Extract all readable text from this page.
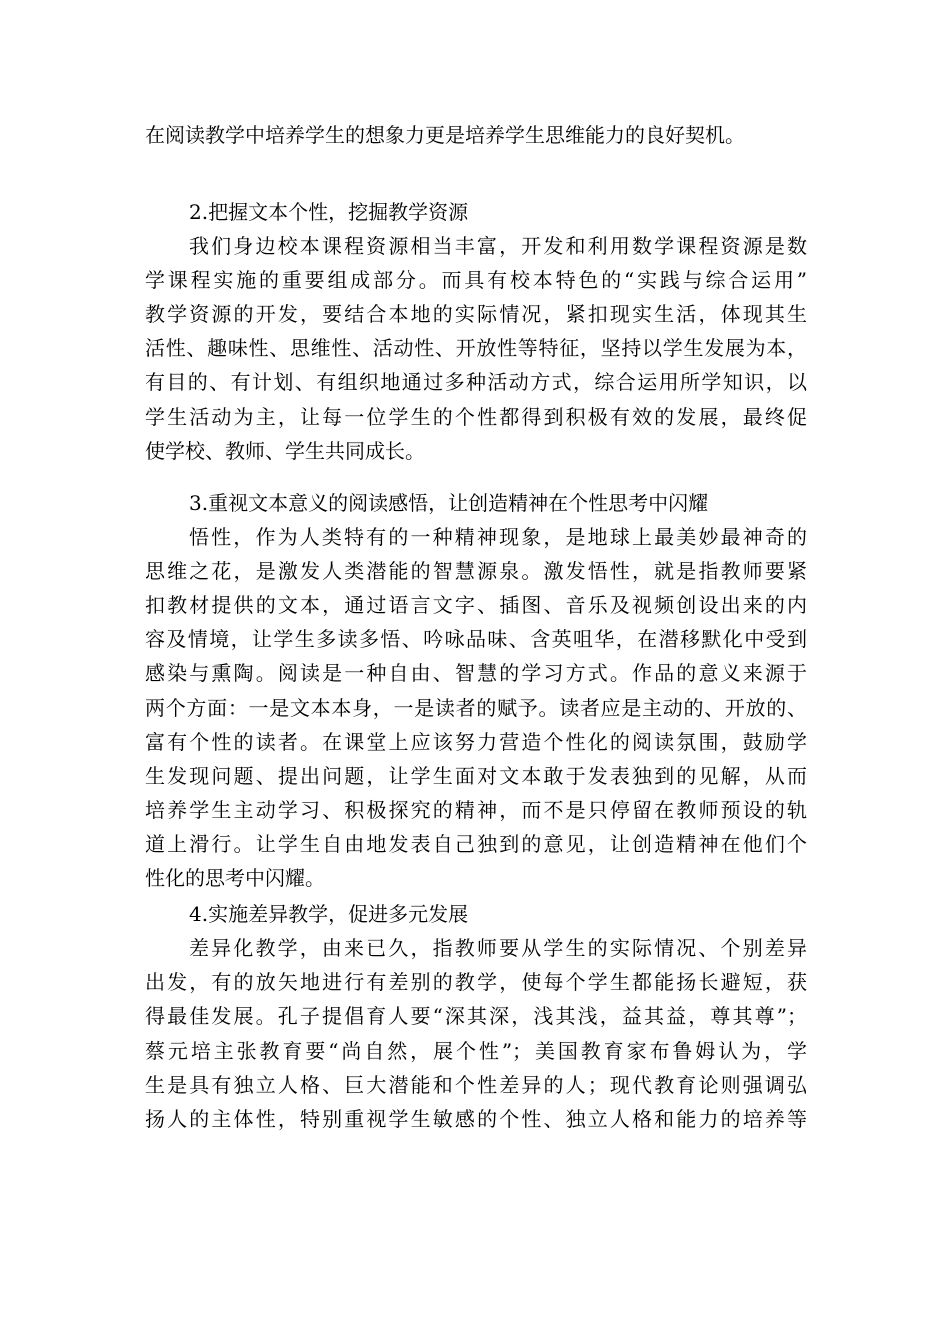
在阅读教学中培养学生的想象力更是培养学生思维能力的良好契机。
2.把握文本个性，挖掘教学资源
我们身边校本课程资源相当丰富，开发和利用数学课程资源是数
学课程实施的重要组成部分。而具有校本特色的“实践与综合运用”
教学资源的开发，要结合本地的实际情况，紧扣现实生活，体现其生
活性、趣味性、思维性、活动性、开放性等特征，坚持以学生发展为本，
有目的、有计划、有组织地通过多种活动方式，综合运用所学知识，以
学生活动为主，让每一位学生的个性都得到积极有效的发展，最终促
使学校、教师、学生共同成长。
3.重视文本意义的阅读感悟，让创造精神在个性思考中闪耀
悟性，作为人类特有的一种精神现象，是地球上最美妙最神奇的
思维之花，是激发人类潜能的智慧源泉。激发悟性，就是指教师要紧
扣教材提供的文本，通过语言文字、插图、音乐及视频创设出来的内
容及情境，让学生多读多悟、吟咏品味、含英咀华，在潜移默化中受到
感染与熏陶。阅读是一种自由、智慧的学习方式。作品的意义来源于
两个方面：一是文本本身，一是读者的赋予。读者应是主动的、开放的、
富有个性的读者。在课堂上应该努力营造个性化的阅读氛围，鼓励学
生发现问题、提出问题，让学生面对文本敢于发表独到的见解，从而
培养学生主动学习、积极探究的精神，而不是只停留在教师预设的轨
道上滑行。让学生自由地发表自己独到的意见，让创造精神在他们个
性化的思考中闪耀。
4.实施差异教学，促进多元发展
差异化教学，由来已久，指教师要从学生的实际情况、个别差异
出发，有的放矢地进行有差别的教学，使每个学生都能扬长避短，获
得最佳发展。孔子提倡育人要“深其深，浅其浅，益其益，尊其尊”；
蔡元培主张教育要“尚自然，展个性”；美国教育家布鲁姆认为，学
生是具有独立人格、巨大潜能和个性差异的人；现代教育论则强调弘
扬人的主体性，特别重视学生敏感的个性、独立人格和能力的培养等
